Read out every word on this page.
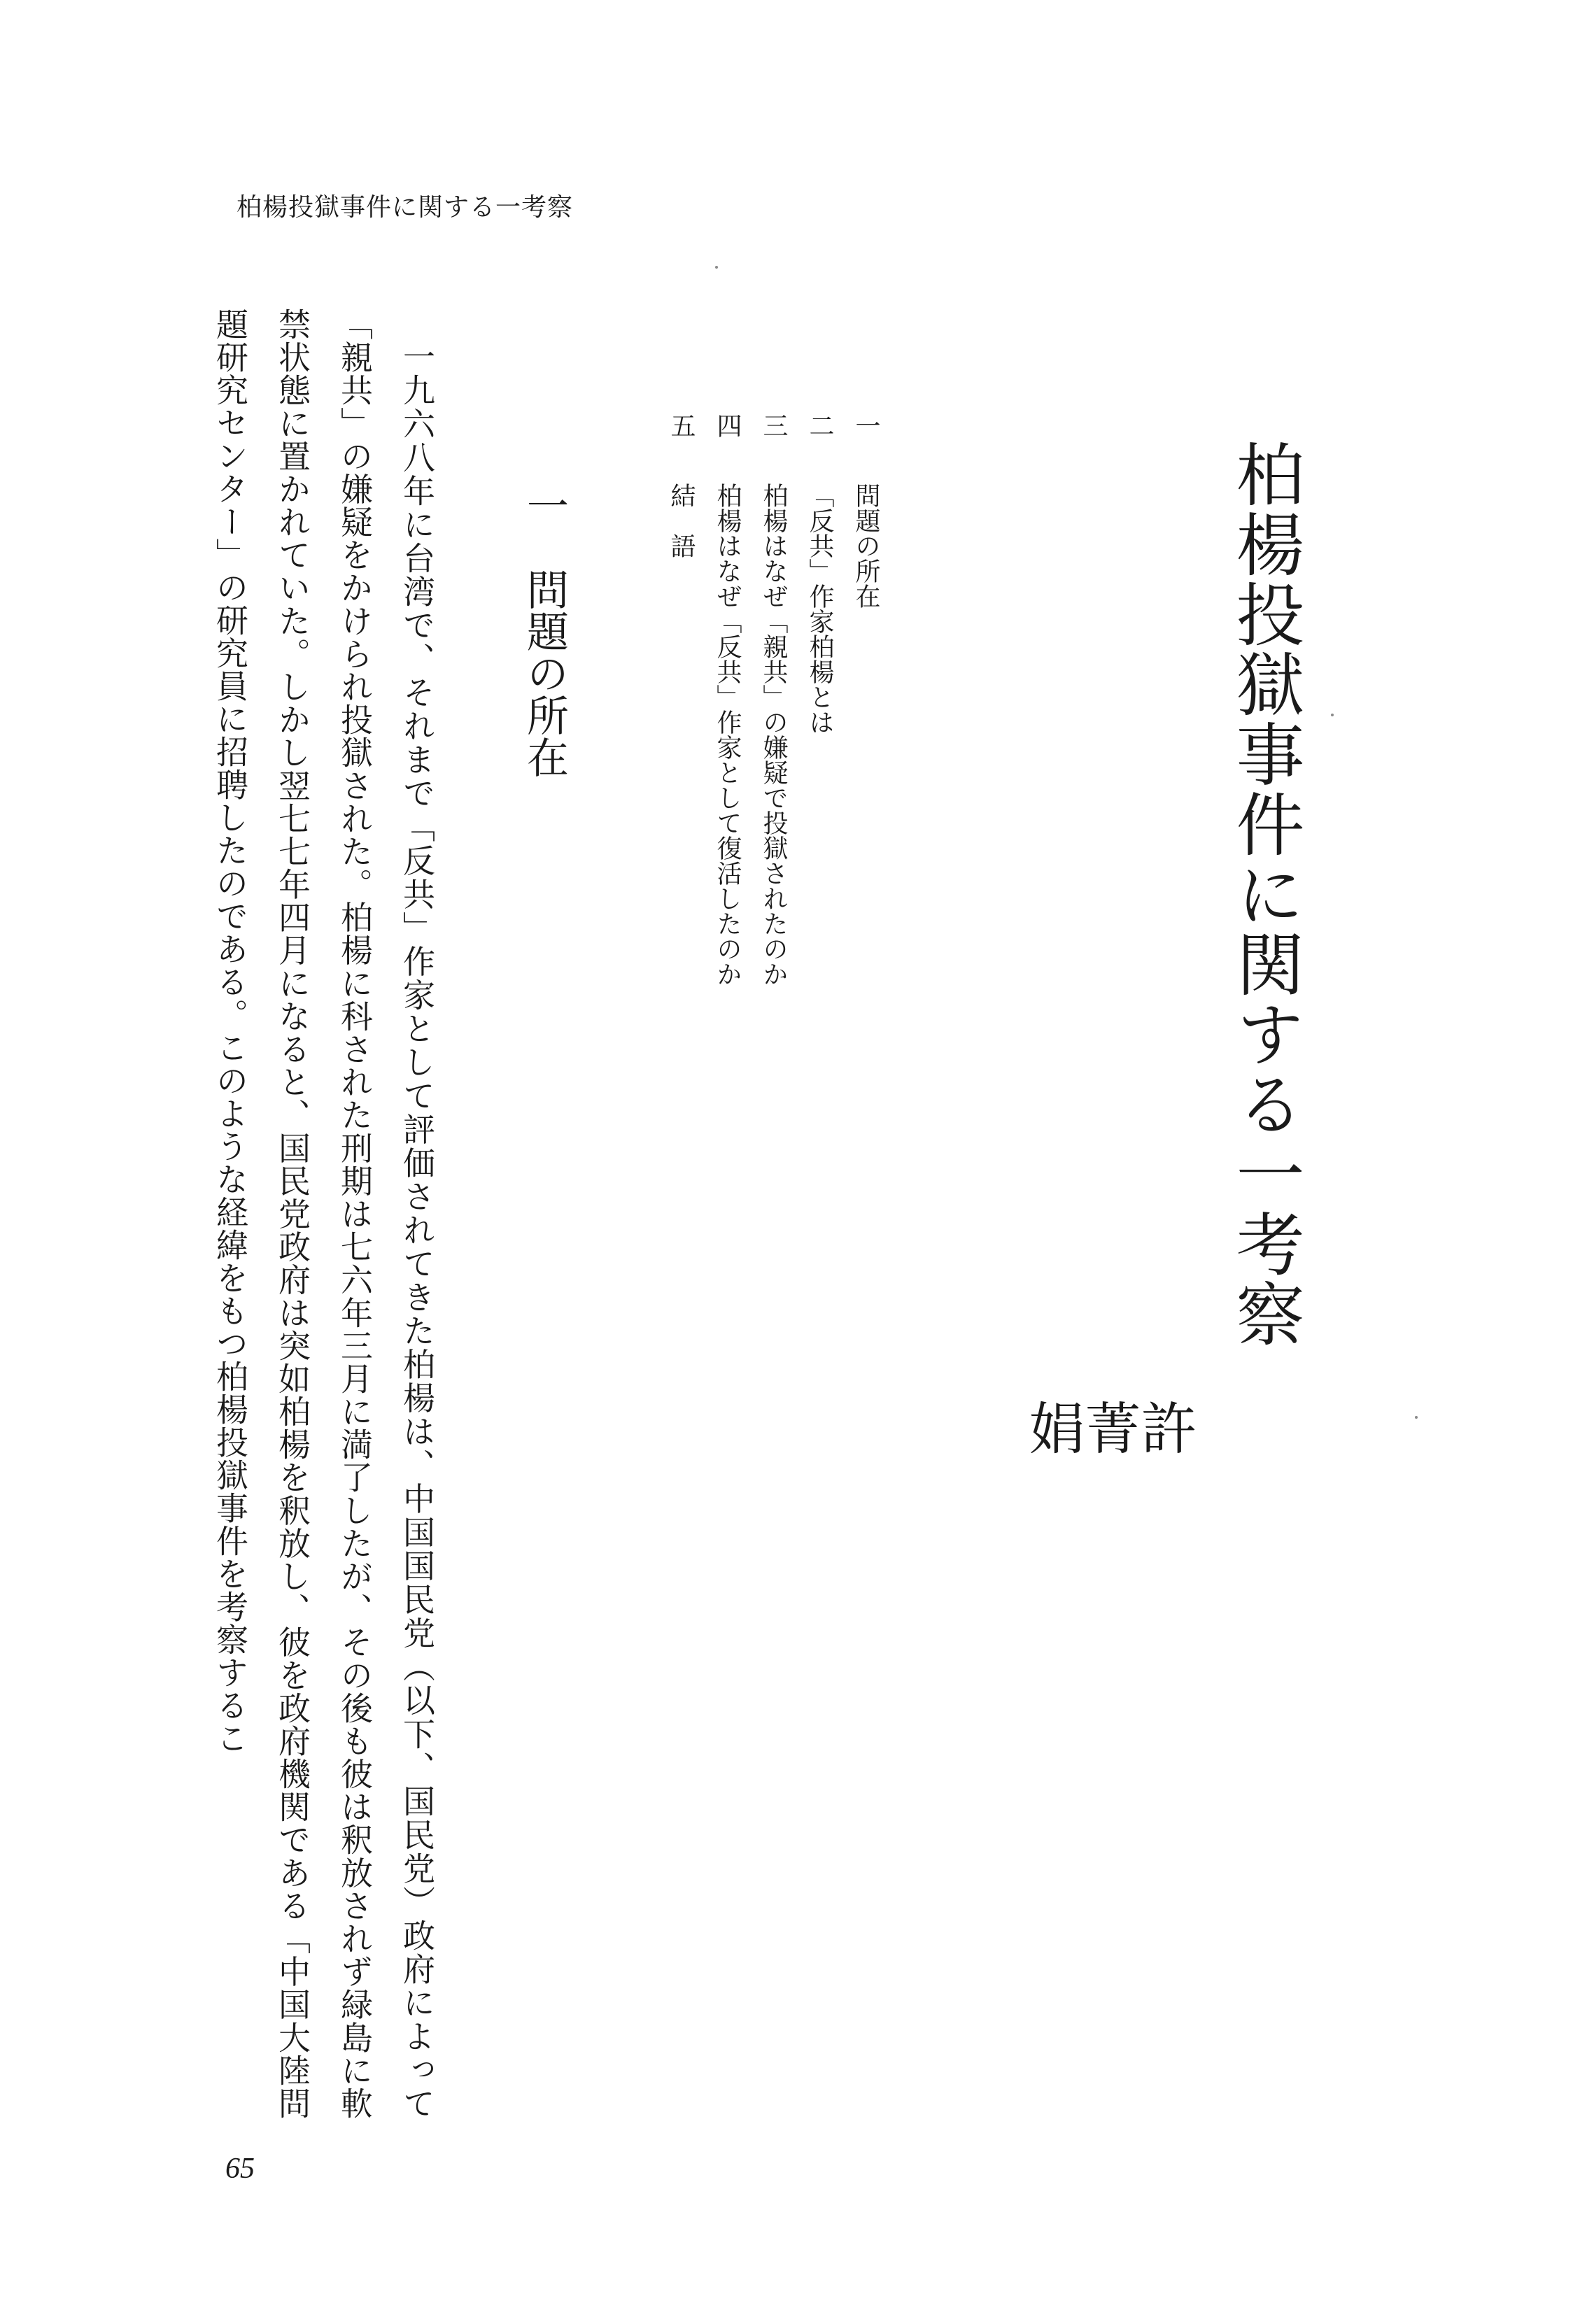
柏楊投獄事件に関する一考察
柏楊投獄事件に関する一考察
許
菁
娟
一問題の所在
二「反共」作家柏楊とは
三柏楊はなぜ「親共」の嫌疑で投獄されたのか
四柏楊はなぜ「反共」作家として復活したのか
五結　語
一問題の所在

一九六八年に台湾で、それまで「反共」作家として評価されてきた柏楊は、中国国民党（以下、国民党）政府によって「親共」の嫌疑をかけられ投獄された。柏楊に科された刑期は七六年三月に満了したが、その後も彼は釈放されず緑島に軟禁状態に置かれていた。しかし翌七七年四月になると、国民党政府は突如柏楊を釈放し、彼を政府機関である「中国大陸問題研究センター」の研究員に招聘したのである。このような経緯をもつ柏楊投獄事件を考察するこ

65
